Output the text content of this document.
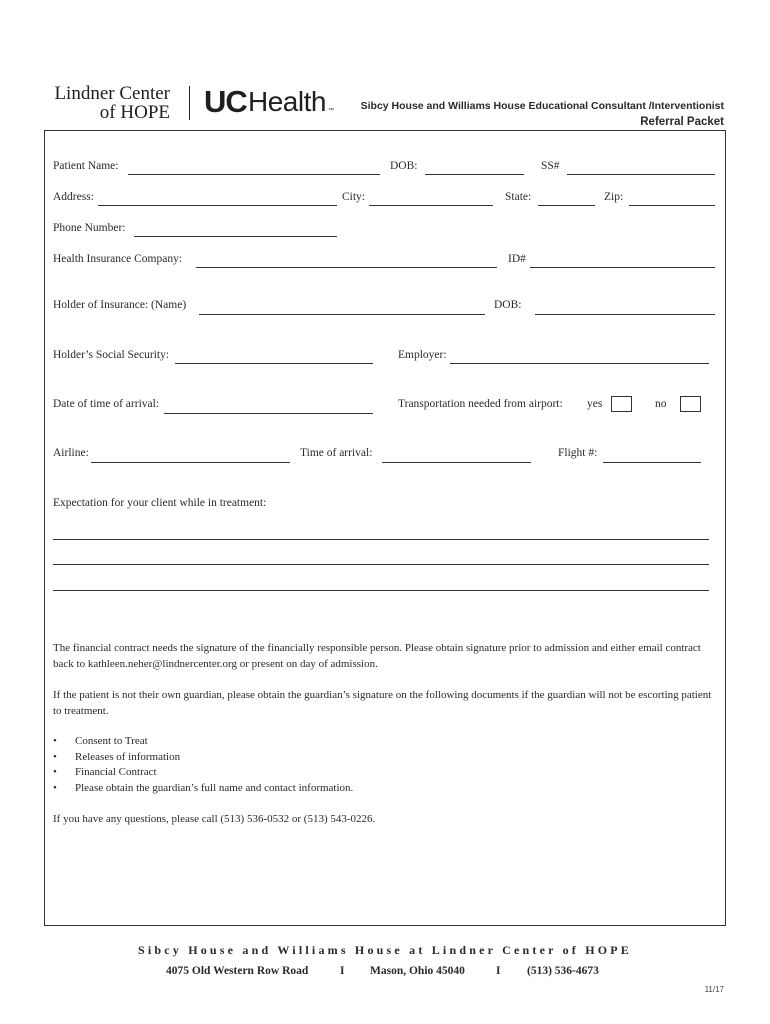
Lindner Center
of HOPE UC Health ™	Sibcy House and Williams House Educational Consultant /Interventionist
Referral Packet
Patient Name:	DOB:	SS#
Address:	City:	State:	Zip:
Phone Number:
Health Insurance Company:	ID#
Holder of Insurance: (Name)	DOB:
Holder’s Social Security:	Employer:
Date of time of arrival:	Transportation needed from airport: yes	no
Airline:	Time of arrival:	Flight #:
Expectation for your client while in treatment:

The financial contract needs the signature of the financially responsible person. Please obtain signature prior to admission and either email contract back to kathleen.neher@lindnercenter.org or present on day of admission.

If the patient is not their own guardian, please obtain the guardian’s signature on the following documents if the guardian will not be escorting patient to treatment.

• Consent to Treat
• Releases of information
• Financial Contract
• Please obtain the guardian’s full name and contact information.

If you have any questions, please call (513) 536-0532 or (513) 543-0226.

Sibcy House and Williams House at Lindner Center of HOPE
4075 Old Western Row Road	I Mason, Ohio 45040	I (513) 536-4673
11/17
